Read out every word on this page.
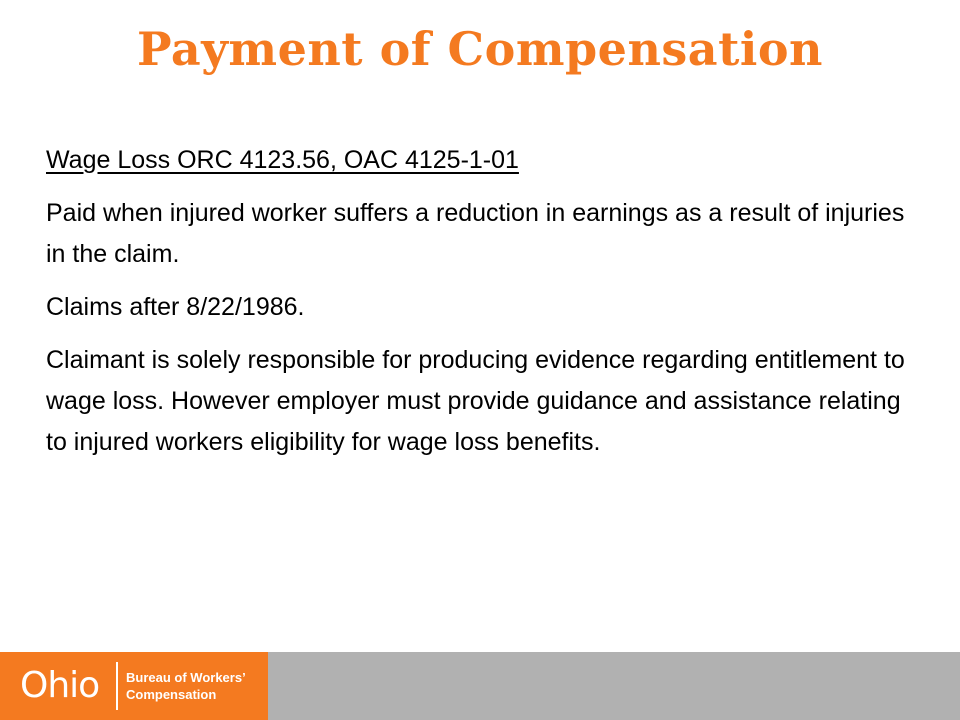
Payment of Compensation

Wage Loss ORC 4123.56, OAC 4125-1-01

Paid when injured worker suffers a reduction in earnings as a result of injuries in the claim.

Claims after 8/22/1986.

Claimant is solely responsible for producing evidence regarding entitlement to wage loss. However employer must provide guidance and assistance relating to injured workers eligibility for wage loss benefits.

Ohio Bureau of Workers’
Compensation
